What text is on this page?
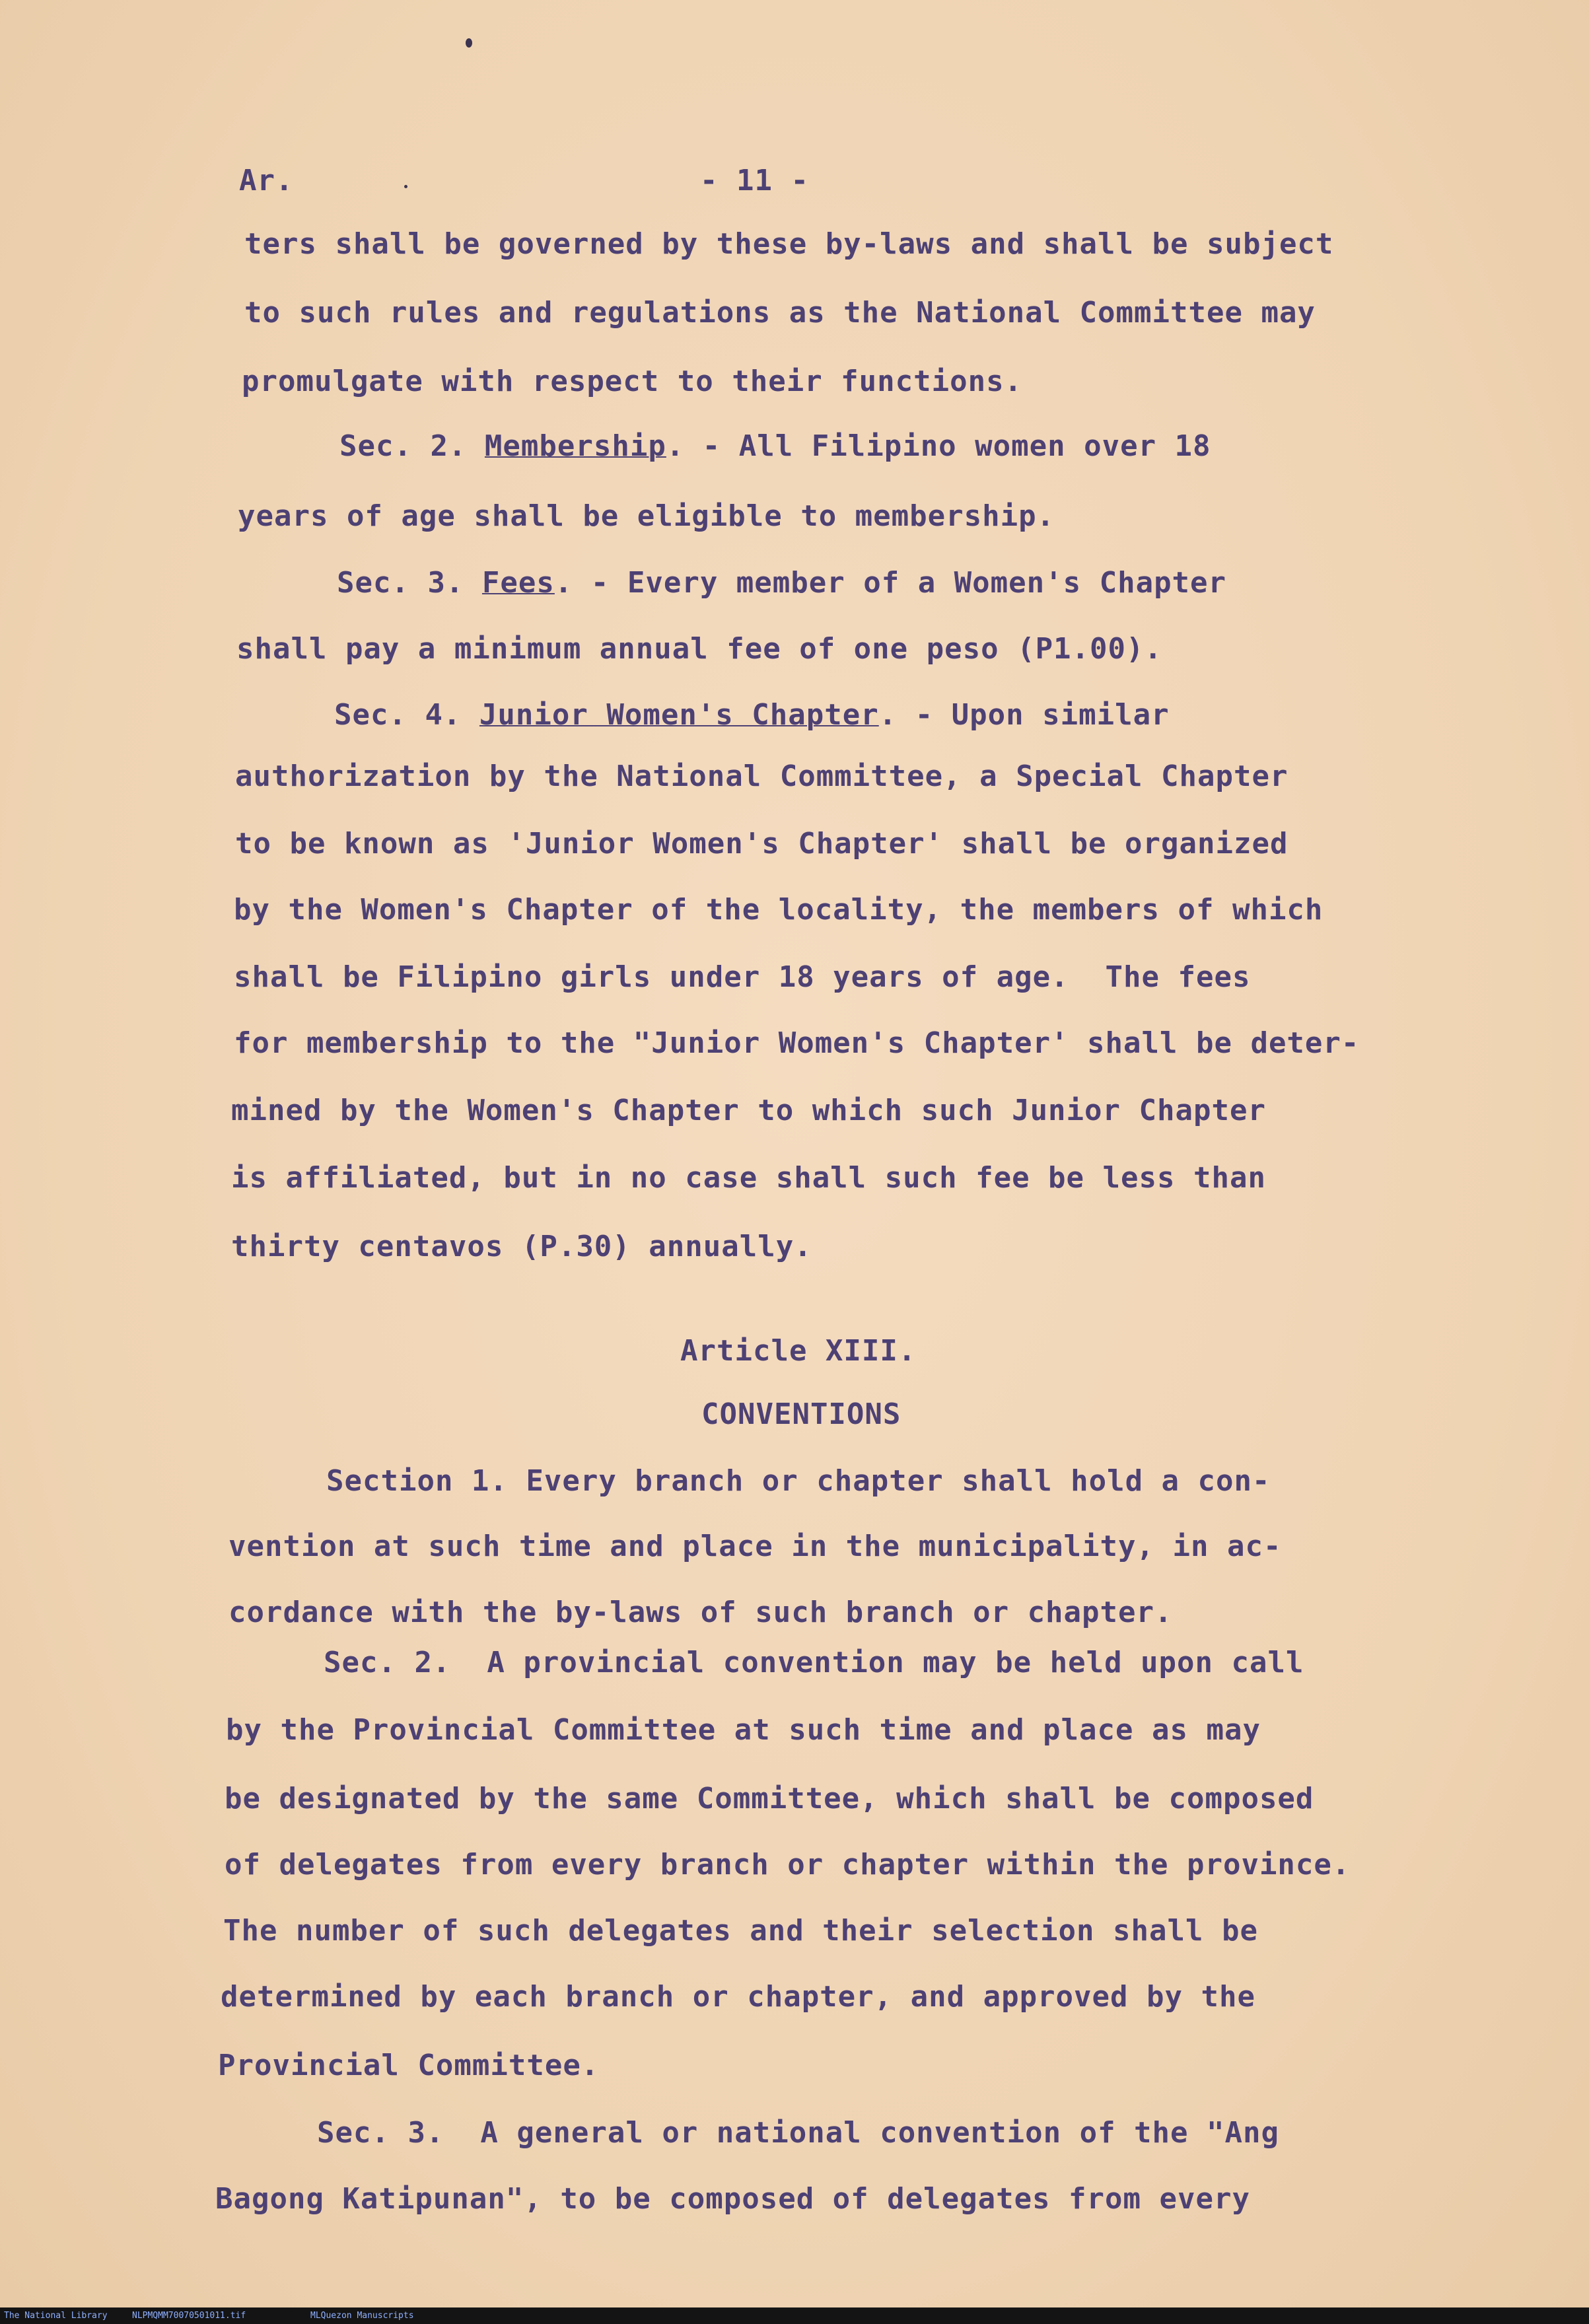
Ar.	- 11 -
ters shall be governed by these by-laws and shall be subject
to such rules and regulations as the National Committee may
promulgate with respect to their functions.
Sec. 2. Membership. - All Filipino women over 18
years of age shall be eligible to membership.
Sec. 3. Fees. - Every member of a Women's Chapter
shall pay a minimum annual fee of one peso (P1.00).
Sec. 4. Junior Women's Chapter. - Upon similar
authorization by the National Committee, a Special Chapter
to be known as 'Junior Women's Chapter' shall be organized
by the Women's Chapter of the locality, the members of which
shall be Filipino girls under 18 years of age.  The fees
for membership to the "Junior Women's Chapter' shall be deter-
mined by the Women's Chapter to which such Junior Chapter
is affiliated, but in no case shall such fee be less than
thirty centavos (P.30) annually.
Article XIII.
CONVENTIONS
Section 1. Every branch or chapter shall hold a con-
vention at such time and place in the municipality, in ac-
cordance with the by-laws of such branch or chapter.
Sec. 2.  A provincial convention may be held upon call
by the Provincial Committee at such time and place as may
be designated by the same Committee, which shall be composed
of delegates from every branch or chapter within the province.
The number of such delegates and their selection shall be
determined by each branch or chapter, and approved by the
Provincial Committee.
Sec. 3.  A general or national convention of the "Ang
Bagong Katipunan", to be composed of delegates from every
The National Library	NLPMQMM70070501011.tif	MLQuezon Manuscripts
